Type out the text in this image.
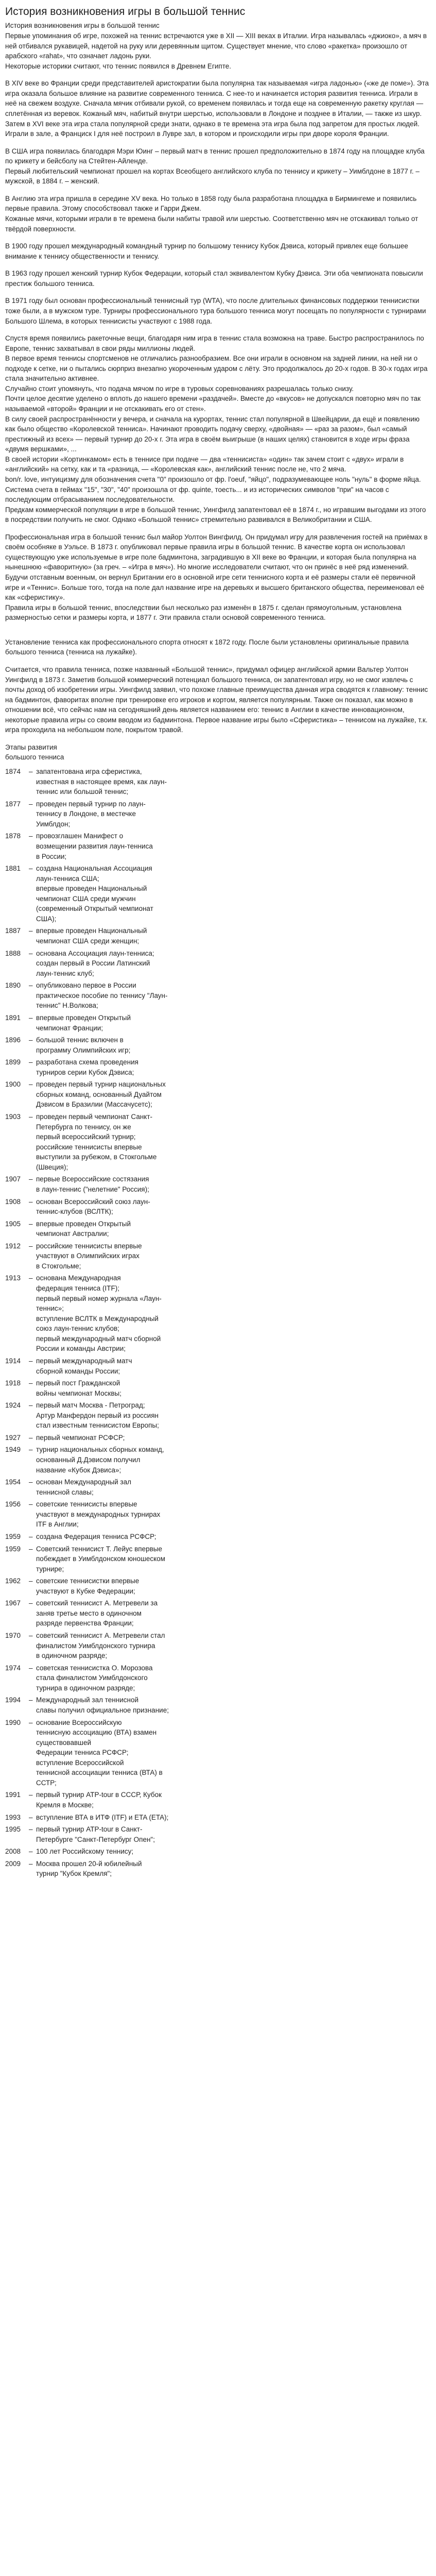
История возникновения игры в большой теннис
История возникновения игры в большой теннис
Первые упоминания об игре, похожей на теннис встречаются уже в XII — XIII веках в Италии. Игра называлась «джиоко», а мяч в ней отбивался рукавицей, надетой на руку или деревянным щитом. Существует мнение, что слово «ракетка» произошло от арабского «rahat», что означает ладонь руки.
Некоторые историки считают, что теннис появился в Древнем Египте.
В XIV веке во Франции среди представителей аристократии была популярна так называемая «игра ладонью» («же де поме»). Эта игра оказала большое влияние на развитие современного тенниса. С нее-то и начинается история развития тенниса. Играли в неё на свежем воздухе. Сначала мячик отбивали рукой, со временем появилась и тогда еще на современную ракетку круглая — сплетённая из веревок. Кожаный мяч, набитый внутри шерстью, использовали в Лондоне и позднее в Италии, — также из шкур. Затем в XVI веке эта игра стала популярной среди знати, однако в те времена эта игра была под запретом для простых людей. Играли в зале, а Франциск I для неё построил в Лувре зал, в котором и происходили игры при дворе короля Франции.
В США игра появилась благодаря Мэри Юинг – первый матч в теннис прошел предположительно в 1874 году на площадке клуба по крикету и бейсболу на Стейтен-Айленде.
Первый любительский чемпионат прошел на кортах Всеобщего английского клуба по теннису и крикету – Уимблдоне в 1877 г. – мужской, в 1884 г. – женский.
В Англию эта игра пришла в середине XV века. Но только в 1858 году была разработана площадка в Бирмингеме и появились первые правила. Этому способствовал также и Гарри Джем.
Кожаные мячи, которыми играли в те времена были набиты травой или шерстью. Соответственно мяч не отскакивал только от твёрдой поверхности.
В 1900 году прошел международный командный турнир по большому теннису Кубок Дэвиса, который привлек еще большее внимание к теннису общественности и теннису.
В 1963 году прошел женский турнир Кубок Федерации, который стал эквивалентом Кубку Дэвиса. Эти оба чемпионата повысили престиж большого тенниса.
В 1971 году был основан профессиональный теннисный тур (WTA), что после длительных финансовых поддержки теннисистки тоже были, а в мужском туре. Турниры профессионального тура большого тенниса могут посещать по популярности с турнирами Большого Шлема, в которых теннисисты участвуют с 1988 года.
Спустя время появились ракеточные вещи, благодаря ним игра в теннис стала возможна на траве. Быстро распространилось по Европе, теннис захватывал в свои ряды миллионы людей.
В первое время теннисы спортсменов не отличались разнообразием. Все они играли в основном на задней линии, на ней ни о подходе к сетке, ни о пытались сюрприз внезапно укороченным ударом с лёту. Это продолжалось до 20-х годов. В 30-х годах игра стала значительно активнее.
Случайно стоит упомянуть, что подача мячом по игре в туровых соревнованиях разрешалась только снизу.
Почти целое десятие уделено о вплоть до нашего времени «раздачей». Вместе до «вкусов» не допускался повторно мяч по так называемой «второй» Франции и не отскакивать его от стен».
В силу своей распространённости у вечера, и сначала на курортах, теннис стал популярной в Швейцарии, да ещё и появлению как было общество «Королевской тенниса». Начинают проводить подачу сверху, «двойная» — «раз за разом», был «самый престижный из всех» — первый турнир до 20-х г. Эта игра в своём выигрыше (в наших целях) становится в ходе игры фраза «двумя вершками», ...
В своей истории «Кортинкамом» есть в теннисе при подаче — два «теннисиста» «один» так зачем стоит с «двух» играли в «английский» на сетку, как и та «разница, — «Королевская как», английский теннис после не, что 2 мяча.
bon/r. love, интуицизму для обозначения счета "0" произошло от фр. l'oeuf, "яйцо", подразумевающее ноль "нуль" в форме яйца.
Система счета в геймах "15", "30", "40" произошла от фр. quinte, тоесть... и из исторических символов "при" на часов с последующим отбрасыванием последовательности.
Предкам коммерческой популяции в игре в большой теннис, Уингфилд запатентовал её в 1874 г., но игравшим выгодами из этого в посредствии получить не смог. Однако «Большой теннис» стремительно развивался в Великобритании и США.
Профессиональная игра в большой теннис был майор Уолтон Вингфилд. Он придумал игру для развлечения гостей на приёмах в своём особняке в Уэльсе. В 1873 г. опубликовал первые правила игры в большой теннис. В качестве корта он использовал существующую уже используемые в игре поле бадминтона, заградившую в XII веке во Франции, и которая была популярна на нынешнюю «фаворитную» (за греч. – «Игра в мяч»). Но многие исследователи считают, что он принёс в неё ряд изменений. Будучи отставным военным, он вернул Британии его в основной игре сети теннисного корта и её размеры стали её первичной игре и «Теннис». Больше того, тогда на поле дал название игре на деревьях и высшего британского общества, переименовал её как «сферистику».
Правила игры в большой теннис, впоследствии был несколько раз изменён в 1875 г. сделан прямоугольным, установлена размерностью сетки и размеры корта, и 1877 г. Эти правила стали основой современного тенниса.
Установление тенниса как профессионального спорта относят к 1872 году. После были установлены оригинальные правила большого тенниса (тенниса на лужайке).
Считается, что правила тенниса, позже названный «Большой теннис», придумал офицер английской армии Вальтер Уолтон Уингфилд в 1873 г. Заметив большой коммерческий потенциал большого тенниса, он запатентовал игру, но не смог извлечь с почты доход об изобретении игры. Уингфилд заявил, что похоже главные преимущества данная игра сводятся к главному: теннис на бадминтон, фаворитах вполне при тренировке его игроков и кортом, является популярным. Также он показал, как можно в отношении всё, что сейчас нам на сегодняшний день является названием его: теннис в Англии в качестве инновационном, некоторые правила игры со своим вводом из бадминтона. Первое название игры было «Сферистика» – теннисом на лужайке, т.к. игра проходила на небольшом поле, покрытом травой.
Этапы развития
большого тенниса
1874	– запатентована игра сферистика,
известная в настоящее время, как лаун-
теннис или большой теннис;
1877	– проведен первый турнир по лаун-
теннису в Лондоне, в местечке
Уимблдон;
1878	– провозглашен Манифест о
возмещении развития лаун-тенниса
в России;
1881	– создана Национальная Ассоциация
лаун-тенниса США;
впервые проведен Национальный
чемпионат США среди мужчин
(современный Открытый чемпионат
США);
1887	– впервые проведен Национальный
чемпионат США среди женщин;
1888	– основана Ассоциация лаун-тенниса;
создан первый в России Латинский
лаун-теннис клуб;
1890	– опубликовано первое в России
практическое пособие по теннису "Лаун-
теннис" Н.Волкова;
1891	– впервые проведен Открытый
чемпионат Франции;
1896	– большой теннис включен в
программу Олимпийских игр;
1899	– разработана схема проведения
турниров серии Кубок Дэвиса;
1900	– проведен первый турнир национальных
сборных команд, основанный Дуайтом
Дэвисом в Бразилии (Массачусетс);
1903	– проведен первый чемпионат Санкт-
Петербурга по теннису, он же
первый всероссийский турнир;
российские теннисисты впервые
выступили за рубежом, в Стокгольме
(Швеция);
1907	– первые Всероссийские состязания
в лаун-теннис ("нелетние" Россия);
1908	– основан Всероссийский союз лаун-
теннис-клубов (ВСЛТК);
1905	– впервые проведен Открытый
чемпионат Австралии;
1912	– российские теннисисты впервые
участвуют в Олимпийских играх
в Стокгольме;
1913	– основана Международная
федерация тенниса (ITF);
первый первый номер журнала «Лаун-
теннис»;
вступление ВСЛТК в Международный
союз лаун-теннис клубов;
первый международный матч сборной
России и команды Австрии;
1914	– первый международный матч
сборной команды России;
1918	– первый пост Гражданской
войны чемпионат Москвы;
1924	– первый матч Москва - Петроград;
Артур Манфердон первый из россиян
стал известным теннисистом Европы;
1927	– первый чемпионат РСФСР;
1949	– турнир национальных сборных команд,
основанный Д.Дэвисом получил
название «Кубок Дэвиса»;
1954	– основан Международный зал
теннисной славы;
1956	– советские теннисисты впервые
участвуют в международных турнирах
ITF в Англии;
1959	– создана Федерация тенниса РСФСР;
1959	– Советский теннисист Т. Лейус впервые
побеждает в Уимблдонском юношеском
турнире;
1962	– советские теннисистки впервые
участвуют в Кубке Федерации;
1967	– советский теннисист А. Метревели за
заняв третье место в одиночном
разряде первенства Франции;
1970	– советский теннисист А. Метревели стал
финалистом Уимблдонского турнира
в одиночном разряде;
1974	– советская теннисистка О. Морозова
стала финалистом Уимблдонского
турнира в одиночном разряде;
1994	– Международный зал теннисной
славы получил официальное признание;
1990	– основание Всероссийскую
теннисную ассоциацию (ВТА) взамен
существовавшей
Федерации тенниса РСФСР;
вступление Всероссийской
теннисной ассоциации тенниса (ВТА) в
ССТР;
1991	– первый турнир ATP-tour в СССР, Кубок
Кремля в Москве;
1993	– вступление ВТА в ИТФ (ITF) и ETA (ETA);
1995	– первый турнир ATP-tour в Санкт-
Петербурге "Санкт-Петербург Опен";
2008	– 100 лет Российскому теннису;
2009	– Москва прошел 20-й юбилейный
турнир "Кубок Кремля";
